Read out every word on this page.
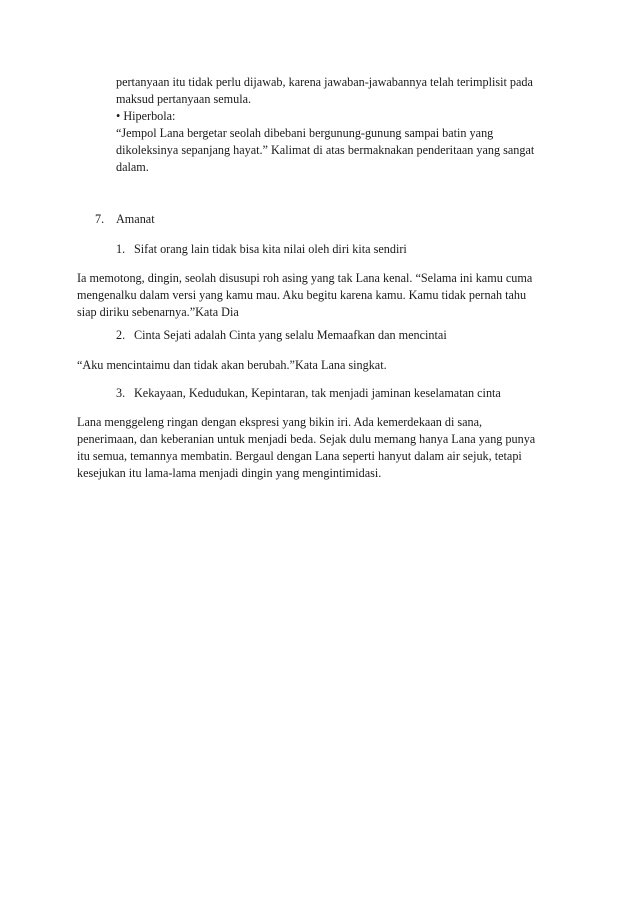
pertanyaan itu tidak perlu dijawab, karena jawaban-jawabannya telah terimplisit pada
maksud pertanyaan semula.
• Hiperbola:
“Jempol Lana bergetar seolah dibebani bergunung-gunung sampai batin yang
dikoleksinya sepanjang hayat.” Kalimat di atas bermaknakan penderitaan yang sangat
dalam.
7. Amanat
1. Sifat orang lain tidak bisa kita nilai oleh diri kita sendiri
Ia memotong, dingin, seolah disusupi roh asing yang tak Lana kenal. “Selama ini kamu cuma
mengenalku dalam versi yang kamu mau. Aku begitu karena kamu. Kamu tidak pernah tahu
siap diriku sebenarnya.”Kata Dia
2. Cinta Sejati adalah Cinta yang selalu Memaafkan dan mencintai
“Aku mencintaimu dan tidak akan berubah.”Kata Lana singkat.
3. Kekayaan, Kedudukan, Kepintaran, tak menjadi jaminan keselamatan cinta
Lana menggeleng ringan dengan ekspresi yang bikin iri. Ada kemerdekaan di sana,
penerimaan, dan keberanian untuk menjadi beda. Sejak dulu memang hanya Lana yang punya
itu semua, temannya membatin. Bergaul dengan Lana seperti hanyut dalam air sejuk, tetapi
kesejukan itu lama-lama menjadi dingin yang mengintimidasi.
